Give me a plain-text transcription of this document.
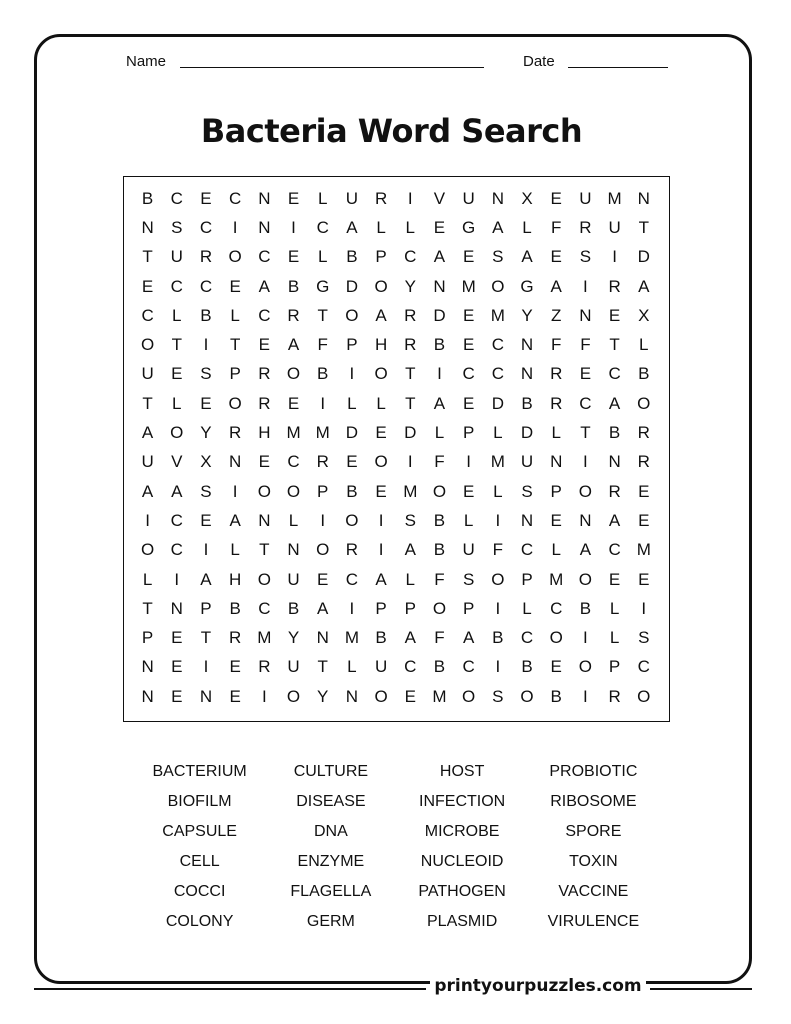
Name	Date
Bacteria Word Search
B	C	E	C N	E	L	U R	I	V	U N	X	E	U M N
N	S	C	I	N	I	C	A	L	L	E G A	L	F	R U	T
T	U R O C	E	L	B	P	C	A	E	S	A	E	S	I	D
E	C C	E	A	B G D O Y	N M O G A	I	R	A
C	L	B	L	C R	T	O A	R D	E M Y	Z	N	E	X
O	T	I	T	E	A	F	P	H R	B	E	C N	F	F	T	L
U	E	S	P	R O B	I	O	T	I	C C N R	E	C	B
T	L	E O R	E	I	L	L	T	A	E	D	B	R C	A O
A O Y	R H M M D	E	D	L	P	L	D	L	T	B	R
U	V	X	N	E	C R	E O	I	F	I	M U N	I	N R
A	A	S	I	O O P	B	E M O E	L	S	P O R	E
I	C	E	A	N	L	I	O	I	S	B	L	I	N	E	N	A	E
O C	I	L	T	N O R	I	A	B	U	F	C	L	A	C M
L	I	A	H O U	E	C	A	L	F	S O P M O E	E
T	N	P	B	C	B	A	I	P	P O P	I	L	C	B	L	I
P	E	T	R M Y	N M B	A	F	A	B	C O	I	L	S
N	E	I	E	R U	T	L	U C	B	C	I	B	E O P	C
N	E	N	E	I	O Y	N O E M O S O B	I	R O
BACTERIUM	CULTURE	HOST	PROBIOTIC
BIOFILM	DISEASE	INFECTION	RIBOSOME
CAPSULE	DNA	MICROBE	SPORE
CELL	ENZYME	NUCLEOID	TOXIN
COCCI	FLAGELLA	PATHOGEN	VACCINE
COLONY	GERM	PLASMID	VIRULENCE
printyourpuzzles.com
